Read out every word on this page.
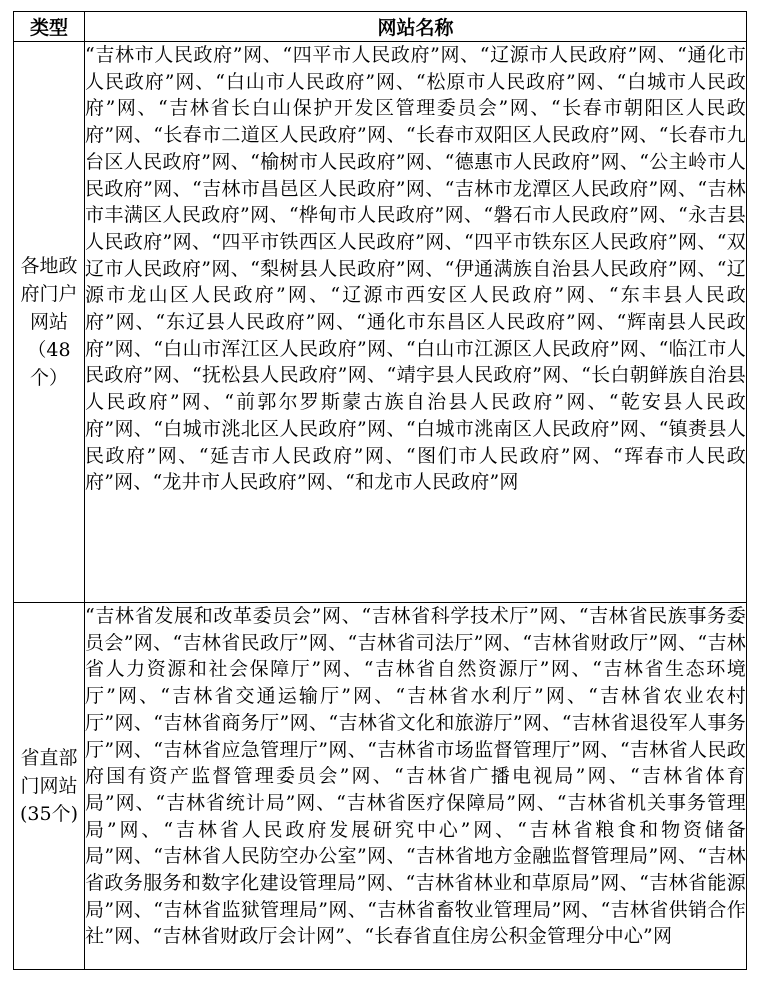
类型	网站名称
各地政府门户网站（48个）	“吉林市人民政府”网、“四平市人民政府”网、“辽源市人民政府”网、“通化市人民政府”网、“白山市人民政府”网、“松原市人民政府”网、“白城市人民政府”网、“吉林省长白山保护开发区管理委员会”网、“长春市朝阳区人民政府”网、“长春市二道区人民政府”网、“长春市双阳区人民政府”网、“长春市九台区人民政府”网、“榆树市人民政府”网、“德惠市人民政府”网、“公主岭市人民政府”网、“吉林市昌邑区人民政府”网、“吉林市龙潭区人民政府”网、“吉林市丰满区人民政府”网、“桦甸市人民政府”网、“磐石市人民政府”网、“永吉县人民政府”网、“四平市铁西区人民政府”网、“四平市铁东区人民政府”网、“双辽市人民政府”网、“梨树县人民政府”网、“伊通满族自治县人民政府”网、“辽源市龙山区人民政府”网、“辽源市西安区人民政府”网、“东丰县人民政府”网、“东辽县人民政府”网、“通化市东昌区人民政府”网、“辉南县人民政府”网、“白山市浑江区人民政府”网、“白山市江源区人民政府”网、“临江市人民政府”网、“抚松县人民政府”网、“靖宇县人民政府”网、“长白朝鲜族自治县人民政府”网、“前郭尔罗斯蒙古族自治县人民政府”网、“乾安县人民政府”网、“白城市洮北区人民政府”网、“白城市洮南区人民政府”网、“镇赉县人民政府”网、“延吉市人民政府”网、“图们市人民政府”网、“珲春市人民政府”网、“龙井市人民政府”网、“和龙市人民政府”网
省直部门网站(35个)	“吉林省发展和改革委员会”网、“吉林省科学技术厅”网、“吉林省民族事务委员会”网、“吉林省民政厅”网、“吉林省司法厅”网、“吉林省财政厅”网、“吉林省人力资源和社会保障厅”网、“吉林省自然资源厅”网、“吉林省生态环境厅”网、“吉林省交通运输厅”网、“吉林省水利厅”网、“吉林省农业农村厅”网、“吉林省商务厅”网、“吉林省文化和旅游厅”网、“吉林省退役军人事务厅”网、“吉林省应急管理厅”网、“吉林省市场监督管理厅”网、“吉林省人民政府国有资产监督管理委员会”网、“吉林省广播电视局”网、“吉林省体育局”网、“吉林省统计局”网、“吉林省医疗保障局”网、“吉林省机关事务管理局”网、“吉林省人民政府发展研究中心”网、“吉林省粮食和物资储备局”网、“吉林省人民防空办公室”网、“吉林省地方金融监督管理局”网、“吉林省政务服务和数字化建设管理局”网、“吉林省林业和草原局”网、“吉林省能源局”网、“吉林省监狱管理局”网、“吉林省畜牧业管理局”网、“吉林省供销合作社”网、“吉林省财政厅会计网”、“长春省直住房公积金管理分中心”网
